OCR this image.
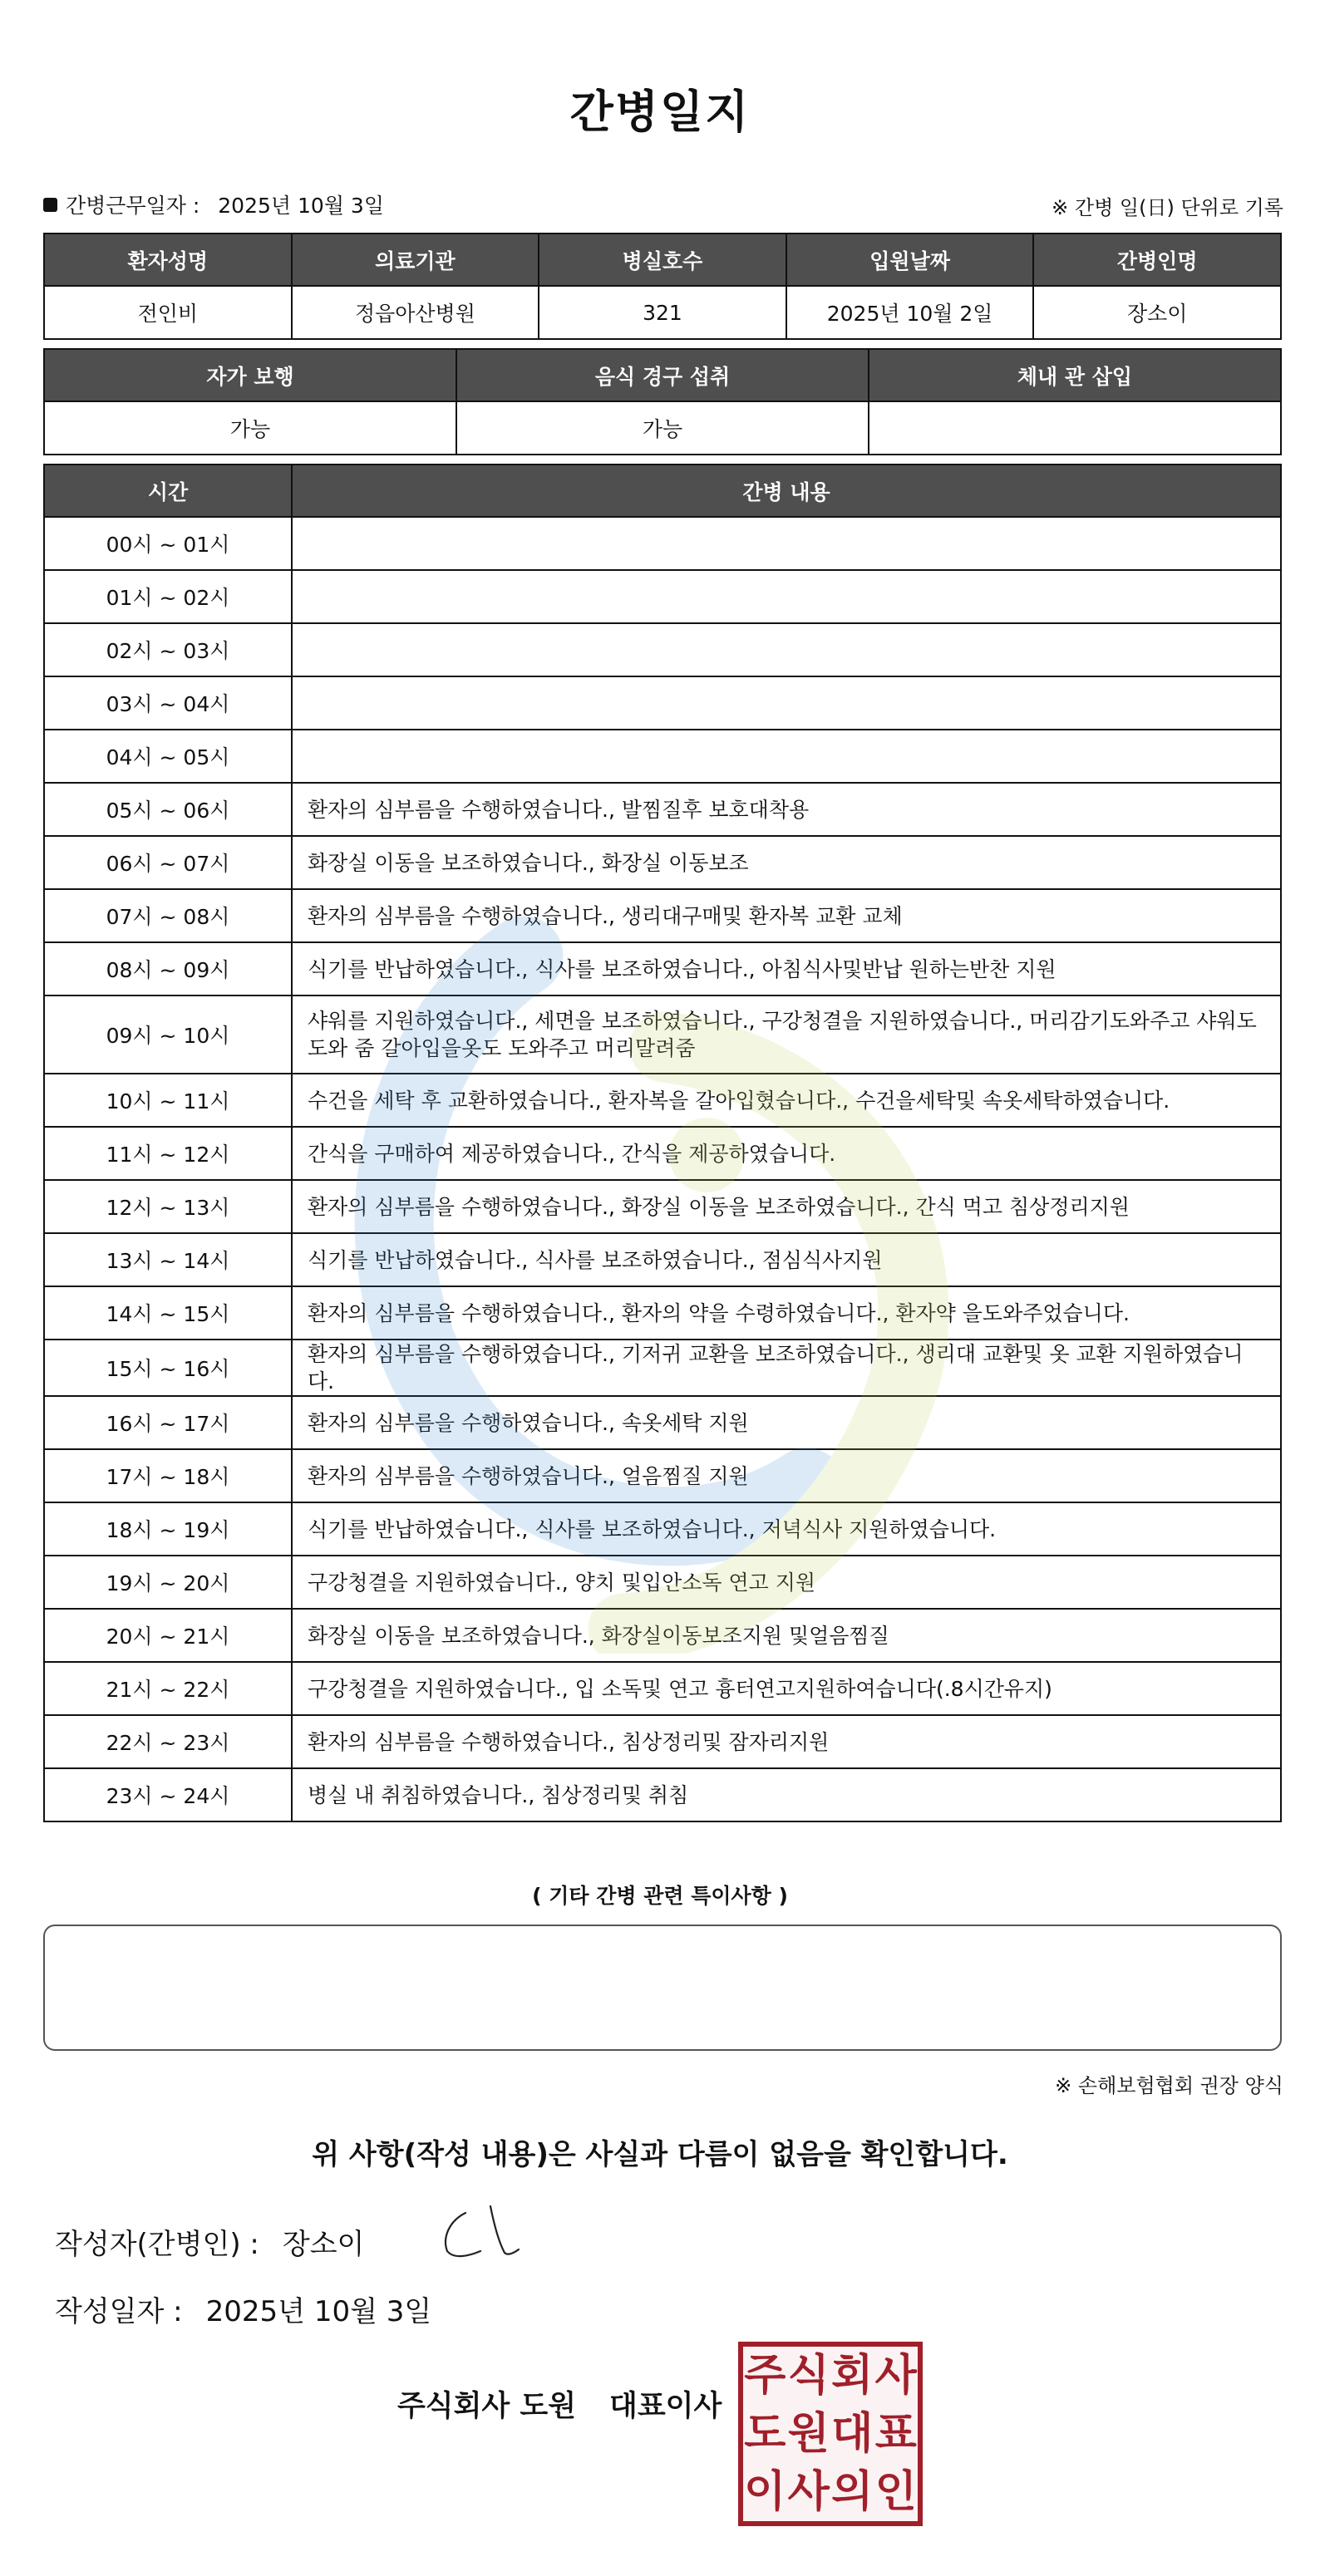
간병일지
간병근무일자 : 2025년 10월 3일	※ 간병 일(日) 단위로 기록
환자성명	의료기관	병실호수	입원날짜	간병인명
전인비	정읍아산병원	321	2025년 10월 2일	장소이
자가 보행	음식 경구 섭취	체내 관 삽입
가능	가능	
시간	간병 내용
00시 ~ 01시	
01시 ~ 02시	
02시 ~ 03시	
03시 ~ 04시	
04시 ~ 05시	
05시 ~ 06시	환자의 심부름을 수행하였습니다., 발찜질후 보호대착용
06시 ~ 07시	화장실 이동을 보조하였습니다., 화장실 이동보조
07시 ~ 08시	환자의 심부름을 수행하였습니다., 생리대구매및 환자복 교환 교체
08시 ~ 09시	식기를 반납하였습니다., 식사를 보조하였습니다., 아침식사및반납 원하는반찬 지원
09시 ~ 10시	샤워를 지원하였습니다., 세면을 보조하였습니다., 구강청결을 지원하였습니다., 머리감기도와주고 샤워도 도와 줌 갈아입을옷도 도와주고 머리말려줌
10시 ~ 11시	수건을 세탁 후 교환하였습니다., 환자복을 갈아입혔습니다., 수건을세탁및 속옷세탁하였습니다.
11시 ~ 12시	간식을 구매하여 제공하였습니다., 간식을 제공하였습니다.
12시 ~ 13시	환자의 심부름을 수행하였습니다., 화장실 이동을 보조하였습니다., 간식 먹고 침상정리지원
13시 ~ 14시	식기를 반납하였습니다., 식사를 보조하였습니다., 점심식사지원
14시 ~ 15시	환자의 심부름을 수행하였습니다., 환자의 약을 수령하였습니다., 환자약 을도와주었습니다.
15시 ~ 16시	환자의 심부름을 수행하였습니다., 기저귀 교환을 보조하였습니다., 생리대 교환및 옷 교환 지원하였습니다.
16시 ~ 17시	환자의 심부름을 수행하였습니다., 속옷세탁 지원
17시 ~ 18시	환자의 심부름을 수행하였습니다., 얼음찜질 지원
18시 ~ 19시	식기를 반납하였습니다., 식사를 보조하였습니다., 저녁식사 지원하였습니다.
19시 ~ 20시	구강청결을 지원하였습니다., 양치 및입안소독 연고 지원
20시 ~ 21시	화장실 이동을 보조하였습니다., 화장실이동보조지원 및얼음찜질
21시 ~ 22시	구강청결을 지원하였습니다., 입 소독및 연고 흉터연고지원하여습니다(.8시간유지)
22시 ~ 23시	환자의 심부름을 수행하였습니다., 침상정리및 잠자리지원
23시 ~ 24시	병실 내 취침하였습니다., 침상정리및 취침
( 기타 간병 관련 특이사항 )
※ 손해보험협회 권장 양식
위 사항(작성 내용)은 사실과 다름이 없음을 확인합니다.
작성자(간병인) : 장소이
작성일자 : 2025년 10월 3일
주식회사 도원 대표이사
주 식 회 사
도 원 대 표
이 사 의 인
